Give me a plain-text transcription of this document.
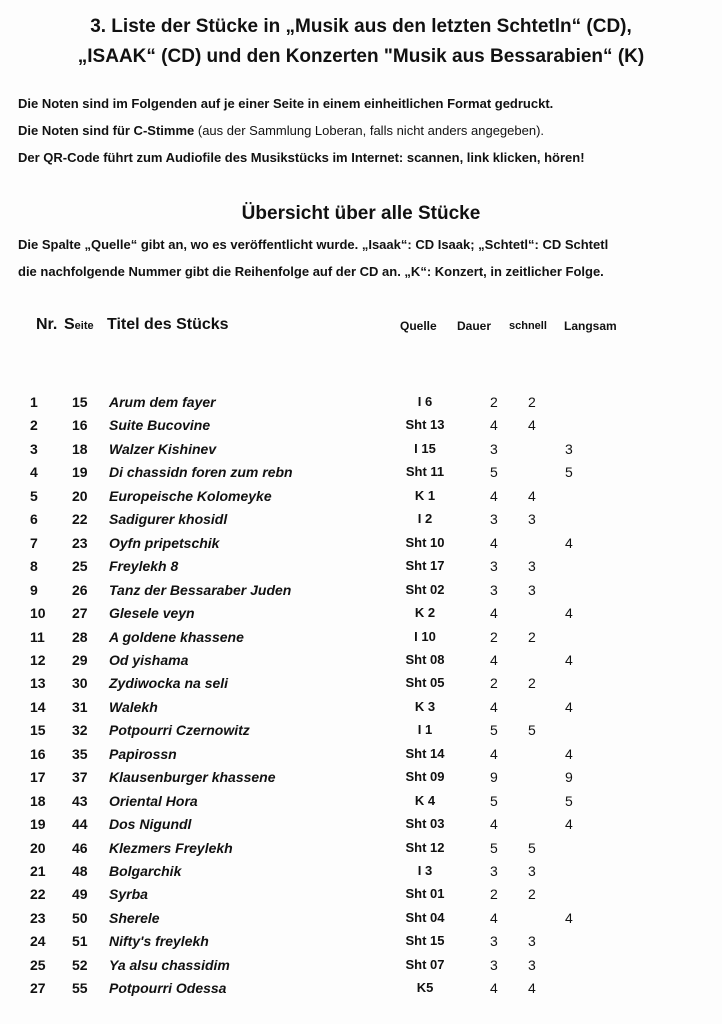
3. Liste der Stücke in „Musik aus den letzten Schtetln“ (CD),
„ISAAK“ (CD) und den Konzerten "Musik aus Bessarabien“ (K)
Die Noten sind im Folgenden auf je einer Seite in einem einheitlichen Format gedruckt.
Die Noten sind für C-Stimme (aus der Sammlung Loberan, falls nicht anders angegeben).
Der QR-Code führt zum Audiofile des Musikstücks im Internet: scannen, link klicken, hören!
Übersicht über alle Stücke
Die Spalte „Quelle“ gibt an, wo es veröffentlicht wurde. „Isaak“: CD Isaak; „Schtetl“: CD Schtetl
die nachfolgende Nummer gibt die Reihenfolge auf der CD an. „K“: Konzert, in zeitlicher Folge.
Nr. Seite Titel des Stücks	Quelle Dauer schnell Langsam
1	15	Arum dem fayer	I 6	2 2
2	16	Suite Bucovine	Sht 13	4 4
3	18	Walzer Kishinev	I 15	3	3
4	19	Di chassidn foren zum rebn	Sht 11	5	5
5	20	Europeische Kolomeyke	K 1	4 4
6	22	Sadigurer khosidl	I 2	3 3
7	23	Oyfn pripetschik	Sht 10	4	4
8	25	Freylekh 8	Sht 17	3 3
9	26	Tanz der Bessaraber Juden	Sht 02	3 3
10	27	Glesele veyn	K 2	4	4
11	28	A goldene khassene	I 10	2 2
12	29	Od yishama	Sht 08	4	4
13	30	Zydiwocka na seli	Sht 05	2 2
14	31	Walekh	K 3	4	4
15	32	Potpourri Czernowitz	I 1	5 5
16	35	Papirossn	Sht 14	4	4
17	37	Klausenburger khassene	Sht 09	9	9
18	43	Oriental Hora	K 4	5	5
19	44	Dos Nigundl	Sht 03	4	4
20	46	Klezmers Freylekh	Sht 12	5 5
21	48	Bolgarchik	I 3	3 3
22	49	Syrba	Sht 01	2 2
23	50	Sherele	Sht 04	4	4
24	51	Nifty's freylekh	Sht 15	3 3
25	52	Ya alsu chassidim	Sht 07	3 3
27	55	Potpourri Odessa	K5	4 4
